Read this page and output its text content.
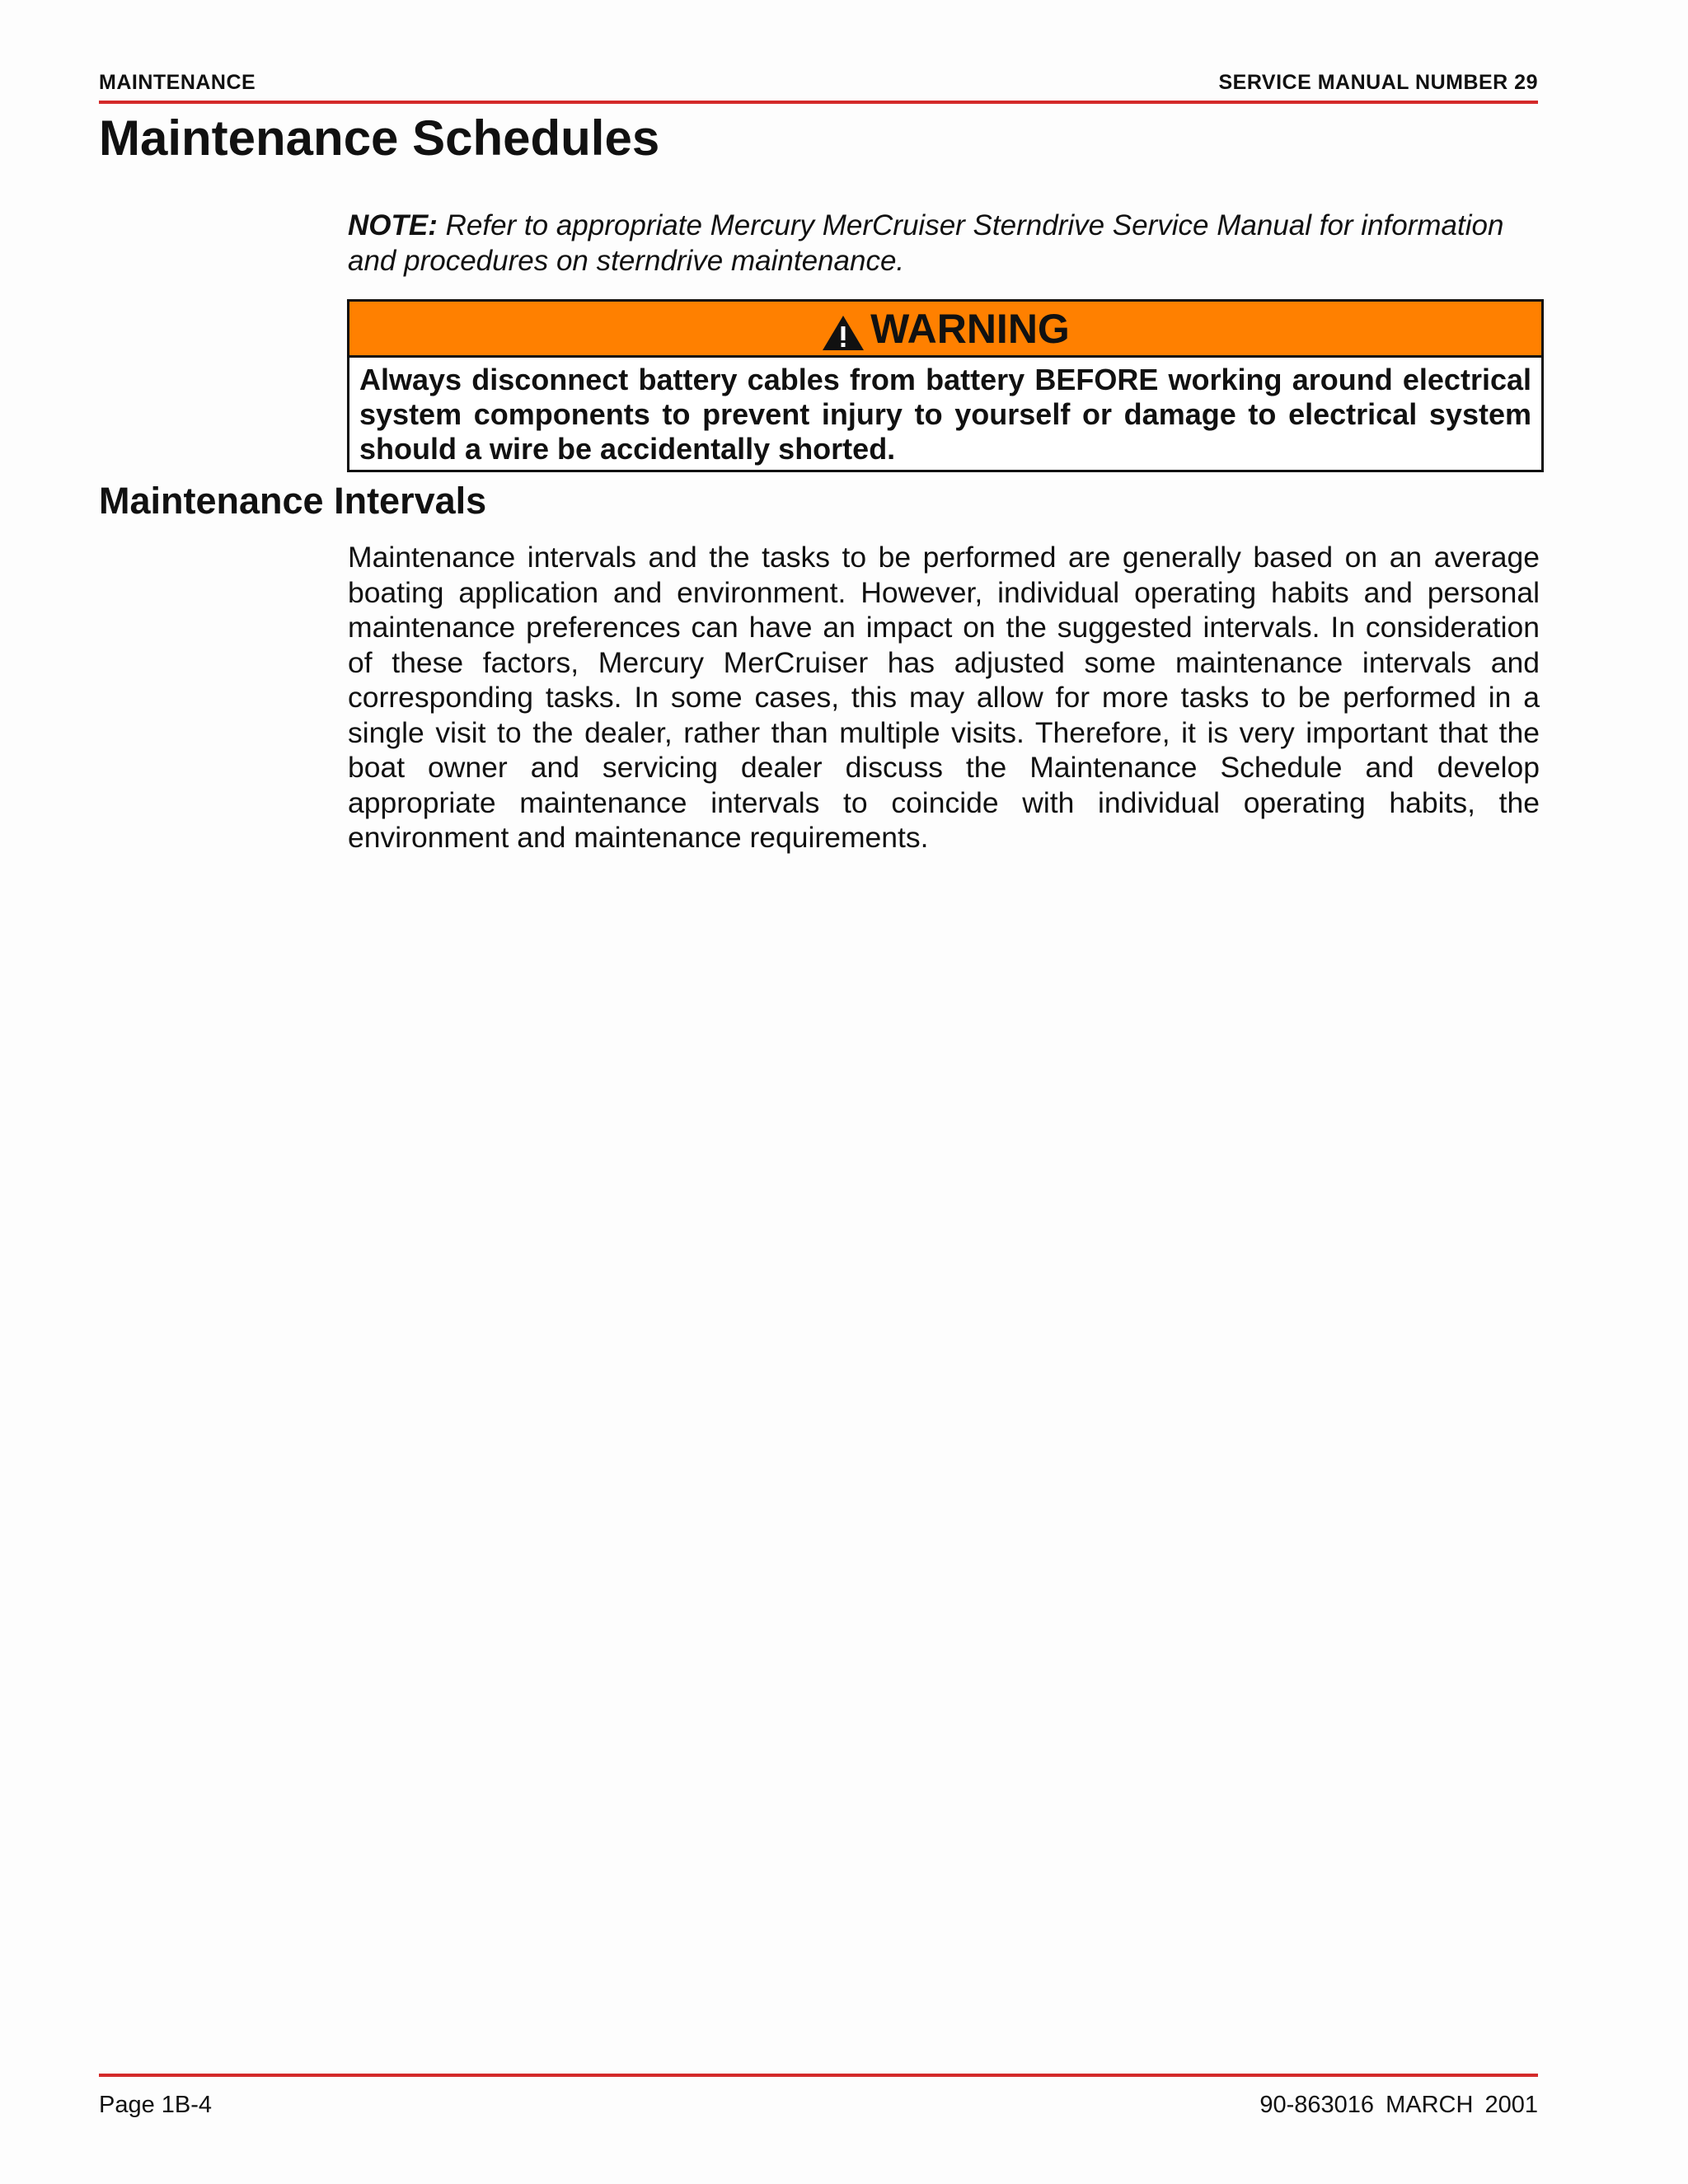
MAINTENANCE	SERVICE MANUAL NUMBER 29
Maintenance Schedules
NOTE: Refer to appropriate Mercury MerCruiser Sterndrive Service Manual for information and procedures on sterndrive maintenance.
WARNING
Always disconnect battery cables from battery BEFORE working around electrical system components to prevent injury to yourself or damage to electrical system should a wire be accidentally shorted.
Maintenance Intervals

Maintenance intervals and the tasks to be performed are generally based on an average boating application and environment. However, individual operating habits and personal maintenance preferences can have an impact on the suggested intervals. In consideration of these factors, Mercury MerCruiser has adjusted some maintenance intervals and corresponding tasks. In some cases, this may allow for more tasks to be performed in a single visit to the dealer, rather than multiple visits. Therefore, it is very important that the boat owner and servicing dealer discuss the Maintenance Schedule and develop appropriate maintenance intervals to coincide with individual operating habits, the environment and maintenance requirements.

Page 1B-4	90-863016 MARCH 2001
